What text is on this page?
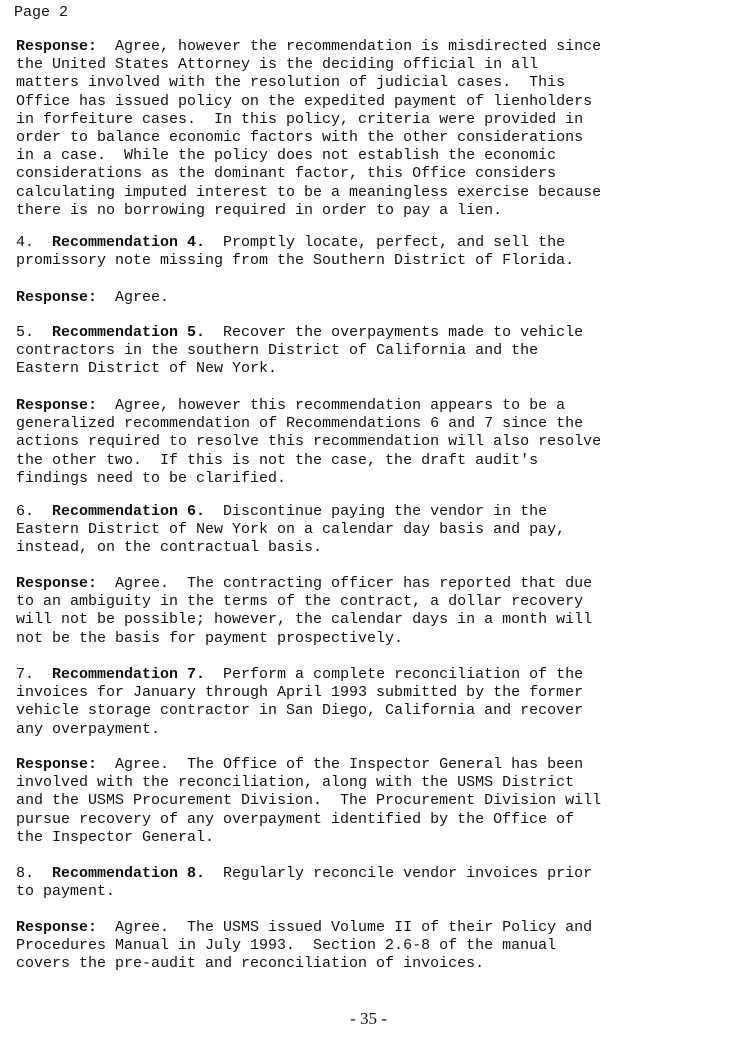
Page 2
Response:  Agree, however the recommendation is misdirected since
the United States Attorney is the deciding official in all
matters involved with the resolution of judicial cases.  This
Office has issued policy on the expedited payment of lienholders
in forfeiture cases.  In this policy, criteria were provided in
order to balance economic factors with the other considerations
in a case.  While the policy does not establish the economic
considerations as the dominant factor, this Office considers
calculating imputed interest to be a meaningless exercise because
there is no borrowing required in order to pay a lien.
4.  Recommendation 4.  Promptly locate, perfect, and sell the
promissory note missing from the Southern District of Florida.
Response:  Agree.
5.  Recommendation 5.  Recover the overpayments made to vehicle
contractors in the southern District of California and the
Eastern District of New York.
Response:  Agree, however this recommendation appears to be a
generalized recommendation of Recommendations 6 and 7 since the
actions required to resolve this recommendation will also resolve
the other two.  If this is not the case, the draft audit's
findings need to be clarified.
6.  Recommendation 6.  Discontinue paying the vendor in the
Eastern District of New York on a calendar day basis and pay,
instead, on the contractual basis.
Response:  Agree.  The contracting officer has reported that due
to an ambiguity in the terms of the contract, a dollar recovery
will not be possible; however, the calendar days in a month will
not be the basis for payment prospectively.
7.  Recommendation 7.  Perform a complete reconciliation of the
invoices for January through April 1993 submitted by the former
vehicle storage contractor in San Diego, California and recover
any overpayment.
Response:  Agree.  The Office of the Inspector General has been
involved with the reconciliation, along with the USMS District
and the USMS Procurement Division.  The Procurement Division will
pursue recovery of any overpayment identified by the Office of
the Inspector General.
8.  Recommendation 8.  Regularly reconcile vendor invoices prior
to payment.
Response:  Agree.  The USMS issued Volume II of their Policy and
Procedures Manual in July 1993.  Section 2.6-8 of the manual
covers the pre-audit and reconciliation of invoices.
- 35 -
